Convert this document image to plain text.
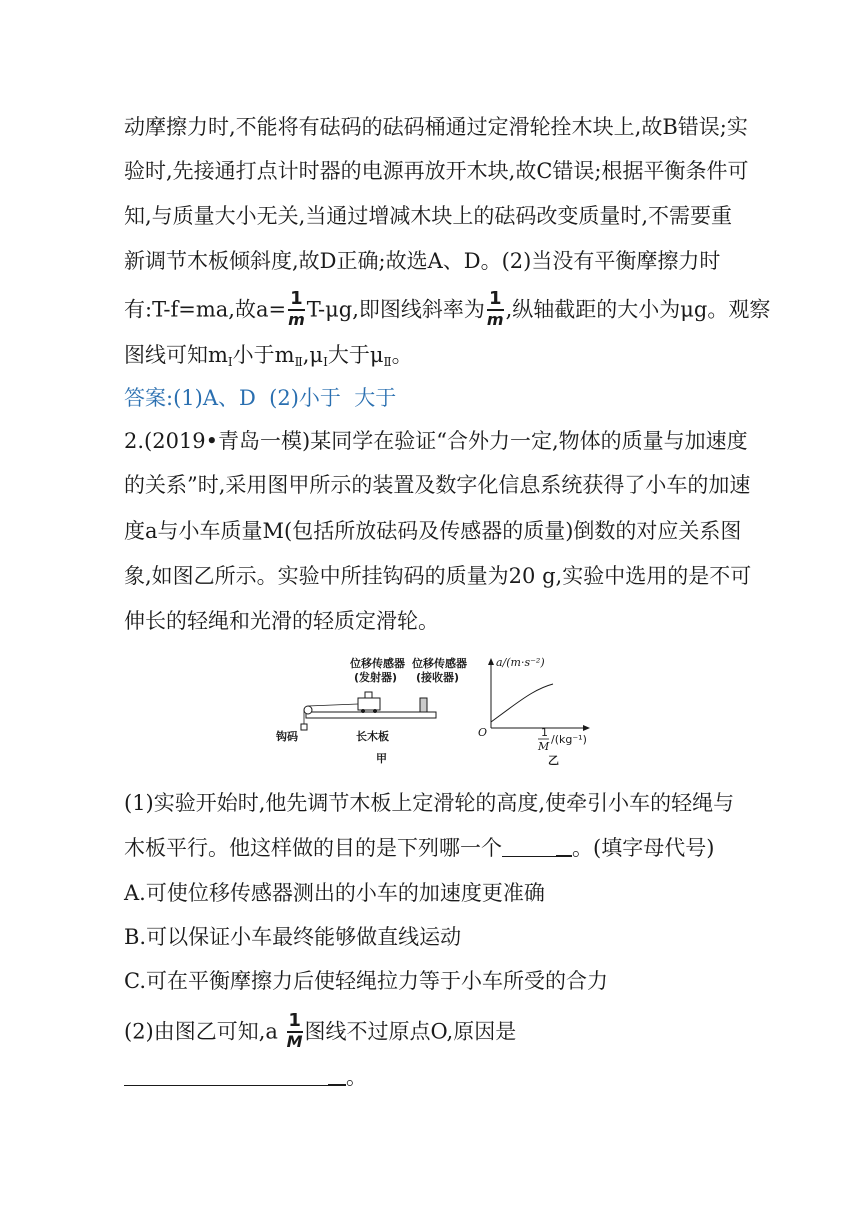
动摩擦力时,不能将有砝码的砝码桶通过定滑轮拴木块上,故B错误;实
验时,先接通打点计时器的电源再放开木块,故C错误;根据平衡条件可
知,与质量大小无关,当通过增减木块上的砝码改变质量时,不需要重
新调节木板倾斜度,故D正确;故选A、D。(2)当没有平衡摩擦力时
有:T-f=ma,故$a= \frac{1}{m} T-\mu g$,即图线斜率为 $\frac{1}{m}$ ,纵轴截距的大小为μg。观察
图线可知$m_Ⅰ$小于$m_Ⅱ,\mu_Ⅰ$大于$\mu_Ⅱ$。
答案:(1)A、D  (2)小于  大于
2.(2019•青岛一模)某同学在验证“合外力一定,物体的质量与加速度
的关系”时,采用图甲所示的装置及数字化信息系统获得了小车的加速
度a与小车质量M(包括所放砝码及传感器的质量)倒数的对应关系图
象,如图乙所示。实验中所挂钩码的质量为20 g,实验中选用的是不可
伸长的轻绳和光滑的轻质定滑轮。
位移传感器
(发射器)
位移传感器
(接收器)
钩码	长木板
甲
a/(m·s⁻²)
O	1
M
/(kg⁻¹)
乙
(1)实验开始时,他先调节木板上定滑轮的高度,使牵引小车的轻绳与
木板平行。他这样做的目的是下列哪一个	。(填字母代号)
A.可使位移传感器测出的小车的加速度更准确
B.可以保证小车最终能够做直线运动
C.可在平衡摩擦力后使轻绳拉力等于小车所受的合力
(2)由图乙可知$,a \frac{1}{M}$ 图线不过原点O,原因是
。
